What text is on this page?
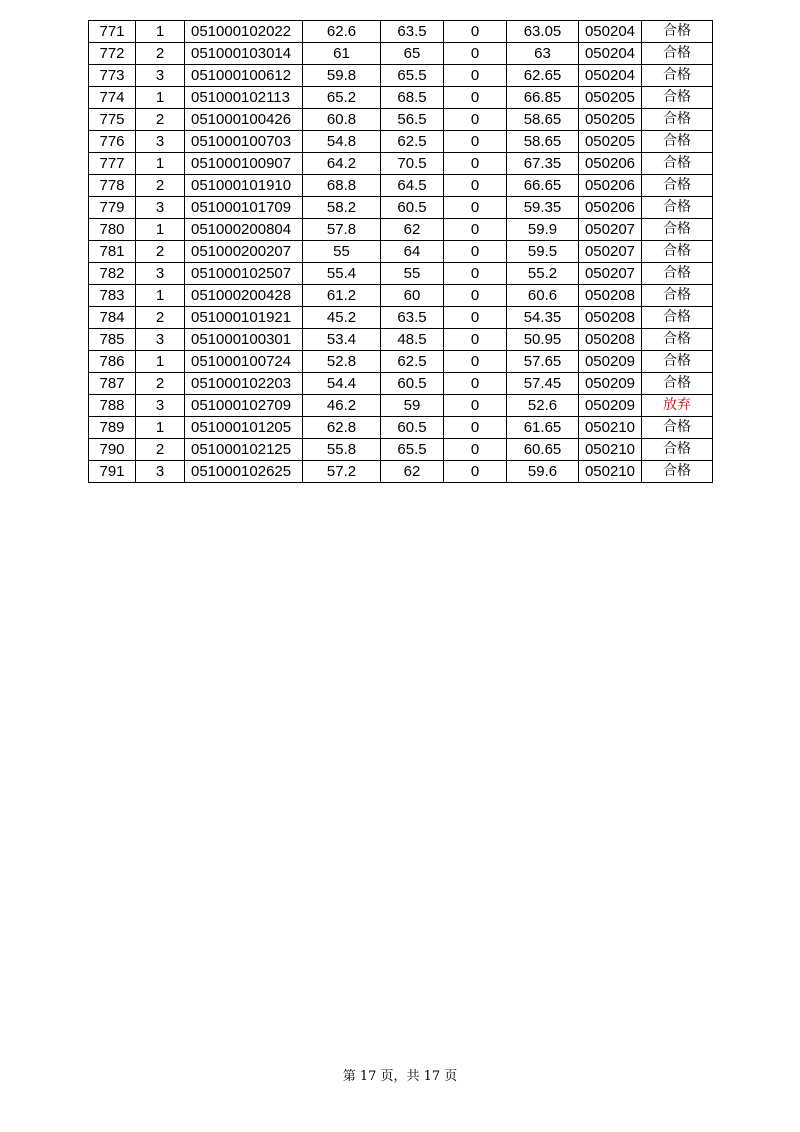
771	1	051000102022	62.6	63.5	0	63.05	050204	合格
772	2	051000103014	61	65	0	63	050204	合格
773	3	051000100612	59.8	65.5	0	62.65	050204	合格
774	1	051000102113	65.2	68.5	0	66.85	050205	合格
775	2	051000100426	60.8	56.5	0	58.65	050205	合格
776	3	051000100703	54.8	62.5	0	58.65	050205	合格
777	1	051000100907	64.2	70.5	0	67.35	050206	合格
778	2	051000101910	68.8	64.5	0	66.65	050206	合格
779	3	051000101709	58.2	60.5	0	59.35	050206	合格
780	1	051000200804	57.8	62	0	59.9	050207	合格
781	2	051000200207	55	64	0	59.5	050207	合格
782	3	051000102507	55.4	55	0	55.2	050207	合格
783	1	051000200428	61.2	60	0	60.6	050208	合格
784	2	051000101921	45.2	63.5	0	54.35	050208	合格
785	3	051000100301	53.4	48.5	0	50.95	050208	合格
786	1	051000100724	52.8	62.5	0	57.65	050209	合格
787	2	051000102203	54.4	60.5	0	57.45	050209	合格
788	3	051000102709	46.2	59	0	52.6	050209	放弃
789	1	051000101205	62.8	60.5	0	61.65	050210	合格
790	2	051000102125	55.8	65.5	0	60.65	050210	合格
791	3	051000102625	57.2	62	0	59.6	050210	合格
第 17 页，共 17 页
